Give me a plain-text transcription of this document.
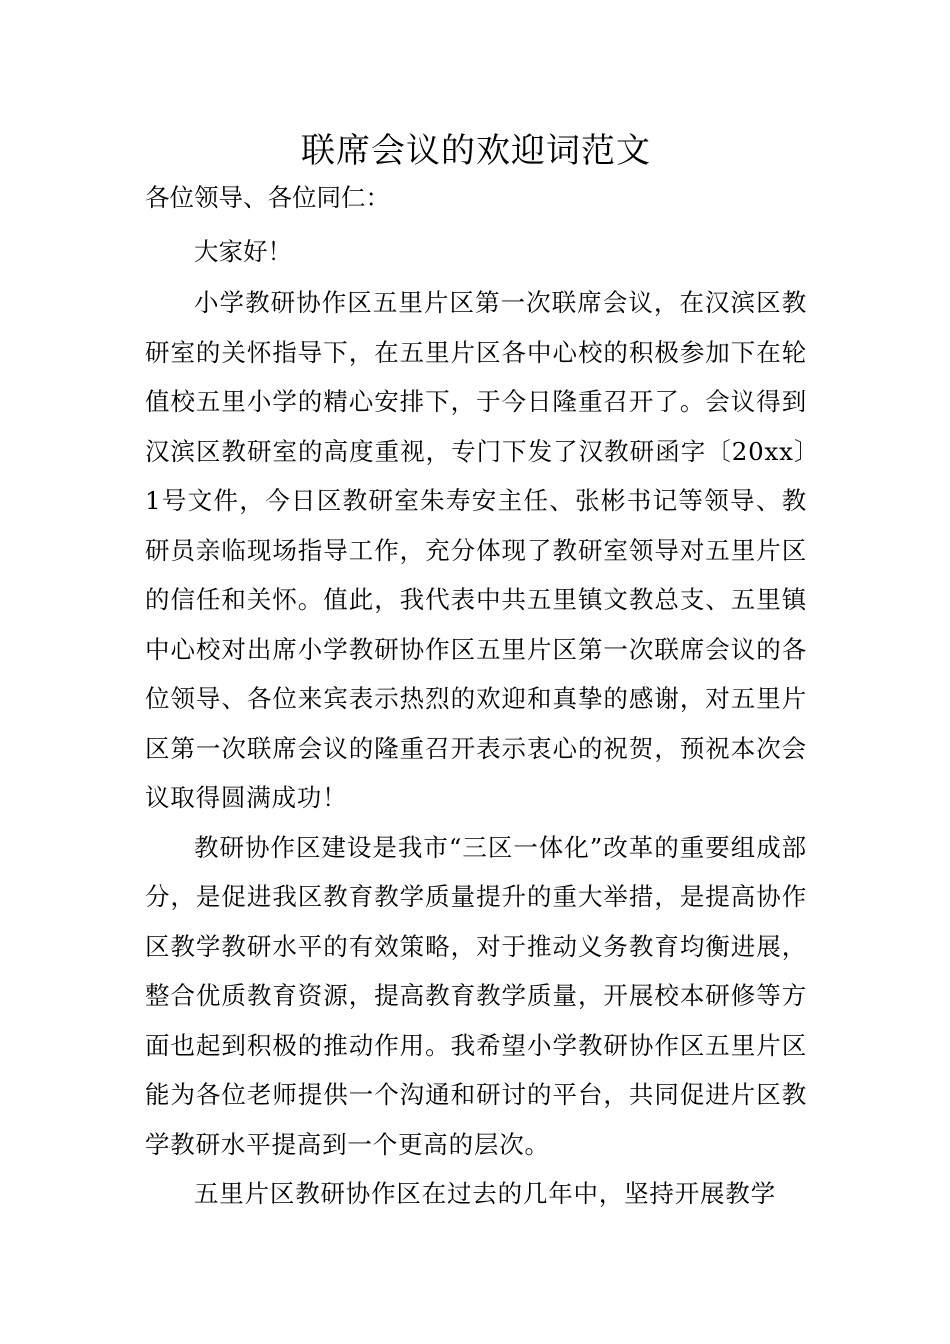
联席会议的欢迎词范文

各位领导、各位同仁：

大家好！

小学教研协作区五里片区第一次联席会议，在汉滨区教研室的关怀指导下，在五里片区各中心校的积极参加下在轮值校五里小学的精心安排下，于今日隆重召开了。会议得到汉滨区教研室的高度重视，专门下发了汉教研函字〔20xx〕1号文件，今日区教研室朱寿安主任、张彬书记等领导、教研员亲临现场指导工作，充分体现了教研室领导对五里片区的信任和关怀。值此，我代表中共五里镇文教总支、五里镇中心校对出席小学教研协作区五里片区第一次联席会议的各位领导、各位来宾表示热烈的欢迎和真挚的感谢，对五里片区第一次联席会议的隆重召开表示衷心的祝贺，预祝本次会议取得圆满成功！

教研协作区建设是我市“三区一体化”改革的重要组成部分，是促进我区教育教学质量提升的重大举措，是提高协作区教学教研水平的有效策略，对于推动义务教育均衡进展，整合优质教育资源，提高教育教学质量，开展校本研修等方面也起到积极的推动作用。我希望小学教研协作区五里片区能为各位老师提供一个沟通和研讨的平台，共同促进片区教学教研水平提高到一个更高的层次。

五里片区教研协作区在过去的几年中，坚持开展教学
